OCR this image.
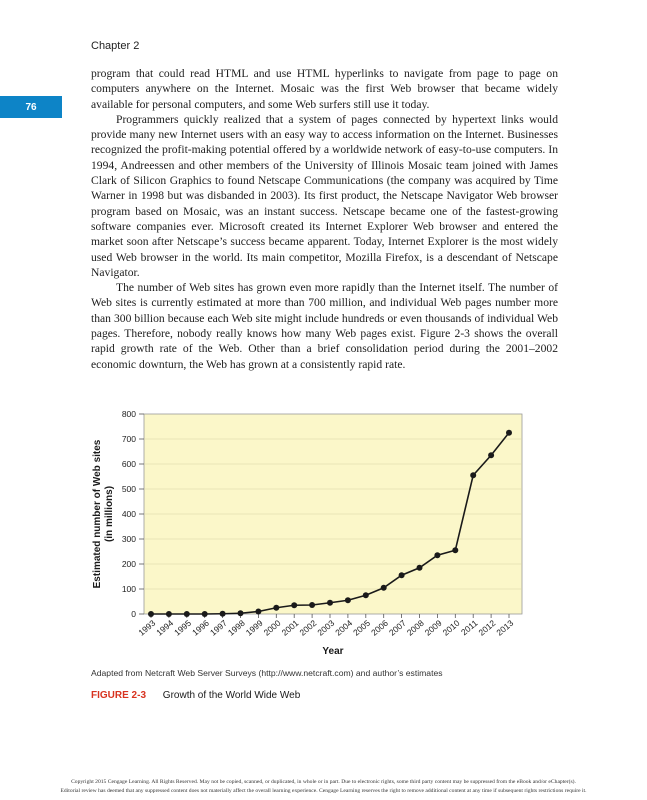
Chapter 2
76

program that could read HTML and use HTML hyperlinks to navigate from page to page on computers anywhere on the Internet. Mosaic was the first Web browser that became widely available for personal computers, and some Web surfers still use it today.

Programmers quickly realized that a system of pages connected by hypertext links would provide many new Internet users with an easy way to access information on the Internet. Businesses recognized the profit-making potential offered by a worldwide network of easy-to-use computers. In 1994, Andreessen and other members of the University of Illinois Mosaic team joined with James Clark of Silicon Graphics to found Netscape Communications (the company was acquired by Time Warner in 1998 but was disbanded in 2003). Its first product, the Netscape Navigator Web browser program based on Mosaic, was an instant success. Netscape became one of the fastest-growing software companies ever. Microsoft created its Internet Explorer Web browser and entered the market soon after Netscape’s success became apparent. Today, Internet Explorer is the most widely used Web browser in the world. Its main competitor, Mozilla Firefox, is a descendant of Netscape Navigator.

The number of Web sites has grown even more rapidly than the Internet itself. The number of Web sites is currently estimated at more than 700 million, and individual Web pages number more than 300 billion because each Web site might include hundreds or even thousands of individual Web pages. Therefore, nobody really knows how many Web pages exist. Figure 2-3 shows the overall rapid growth rate of the Web. Other than a brief consolidation period during the 2001–2002 economic downturn, the Web has grown at a consistently rapid rate.

0
100
200
300
400
500
600
700
800
1993
1994
1995
1996
1997
1998
1999
2000
2001
2002
2003
2004
2005
2006
2007
2008
2009
2010
2011
2012
2013
Year
Estimated number of Web sites (in millions)
Adapted from Netcraft Web Server Surveys (http://www.netcraft.com) and author’s estimates
FIGURE 2-3 Growth of the World Wide Web
Copyright 2015 Cengage Learning. All Rights Reserved. May not be copied, scanned, or duplicated, in whole or in part. Due to electronic rights, some third party content may be suppressed from the eBook and/or eChapter(s).
Editorial review has deemed that any suppressed content does not materially affect the overall learning experience. Cengage Learning reserves the right to remove additional content at any time if subsequent rights restrictions require it.
